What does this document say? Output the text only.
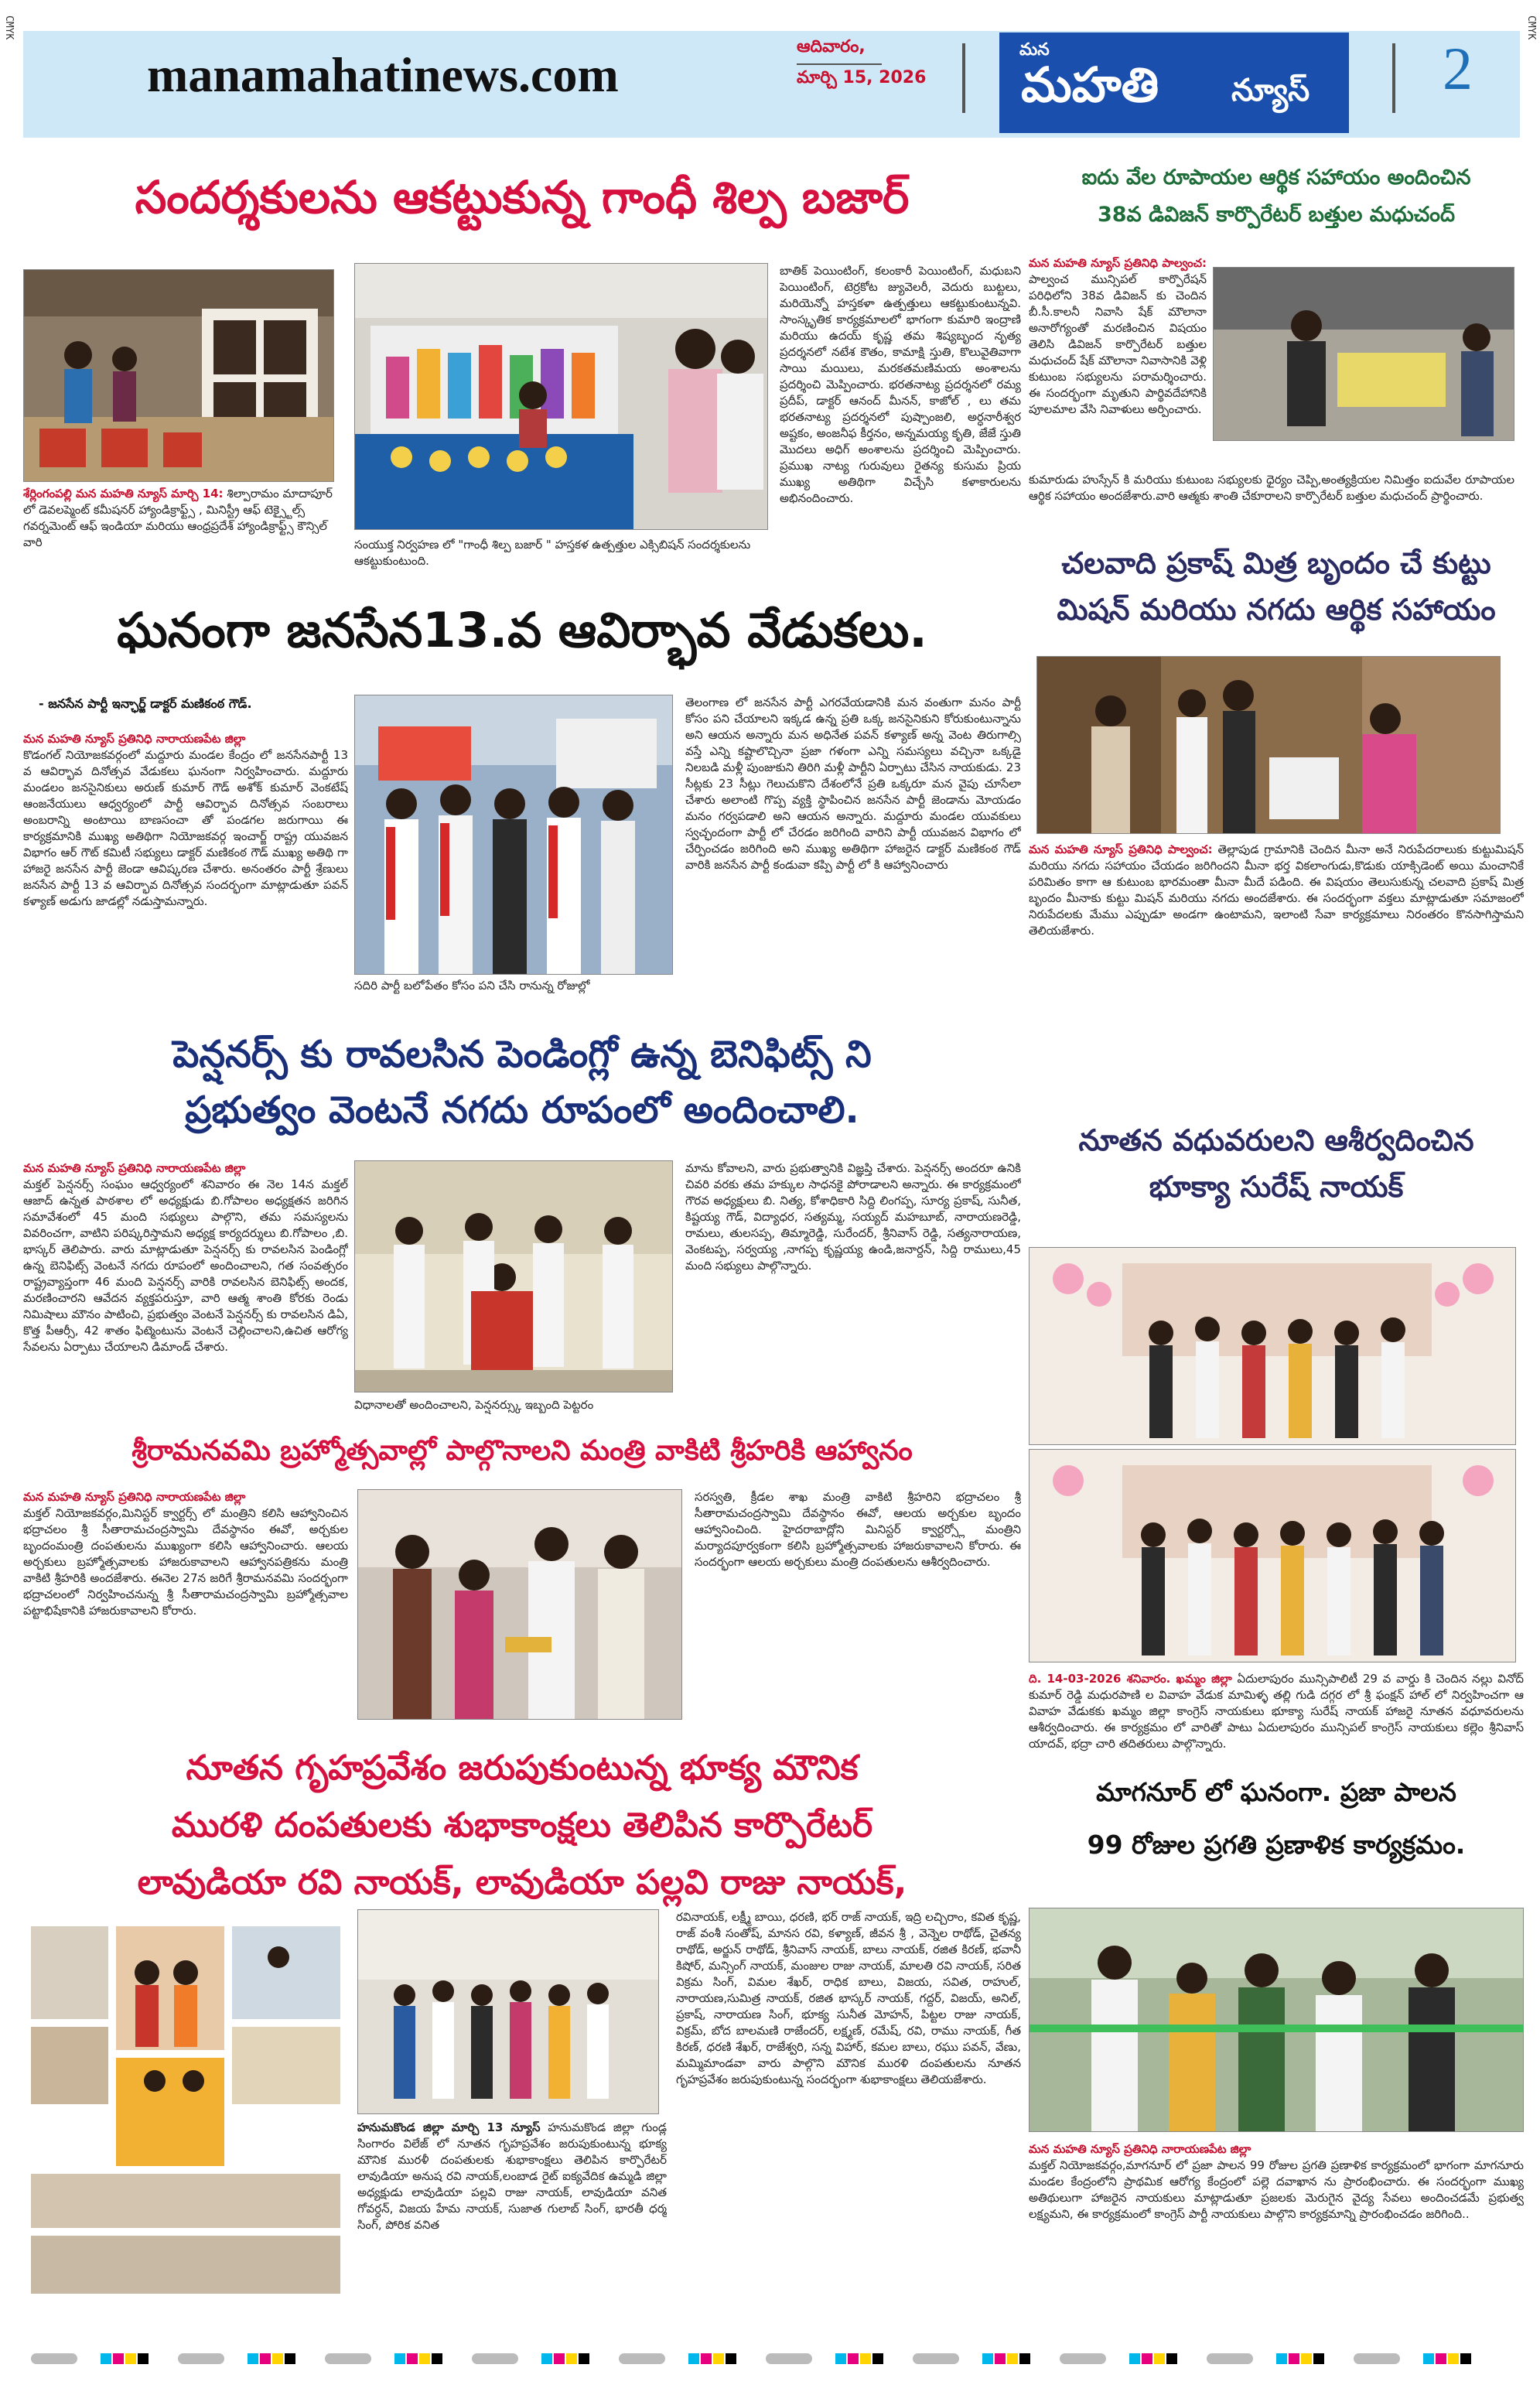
CMYK	CMYK
manamahatinews.com
ఆదివారం,
మార్చి 15, 2026
మన
మహతి న్యూస్ 2
సందర్శకులను ఆకట్టుకున్న గాంధీ శిల్ప బజార్
శేర్లింగంపల్లి మన మహతి న్యూస్ మార్చి 14: శిల్పారామం మాదాపూర్ లో డెవలప్మెంట్ కమీషనర్ హ్యాండిక్రాఫ్ట్స్ , మినిస్ట్రీ ఆఫ్ టెక్స్టైల్స్ గవర్నమెంట్ ఆఫ్ ఇండియా మరియు ఆంధ్రప్రదేశ్ హ్యాండిక్రాఫ్ట్స్ కౌన్సిల్ వారి	సంయుక్త నిర్వహణ లో "గాంధీ శిల్ప బజార్ " హస్తకళ ఉత్పత్తుల ఎక్సిబిషన్ సందర్శకులను ఆకట్టుకుంటుంది.
బాతిక్ పెయింటింగ్, కలంకారీ పెయింటింగ్, మధుబని పెయింటింగ్, టెర్రకోట జ్యువెలరీ, వెదురు బుట్టలు, మరియెన్నో హస్తకళా ఉత్పత్తులు ఆకట్టుకుంటున్నవి. సాంస్కృతిక కార్యక్రమాలలో భాగంగా కుమారి ఇంద్రాణి మరియు ఉదయ్ కృష్ణ తమ శిష్యబృంద నృత్య ప్రదర్శనలో నటేశ కౌతం, కామాక్షి స్తుతి, కొలువైతివాగా సాయి మయిలు, మరకతమణిమయ అంశాలను ప్రదర్శించి మెప్పించారు. భరతనాట్య ప్రదర్శనలో రమ్య ప్రదీప్, డాక్టర్ ఆనంద్ మీనన్, కాజోల్ , లు తమ భరతనాట్య ప్రదర్శనలో పుష్పాంజలి, అర్ధనారీశ్వర అష్టకం, అంజనీఫ కీర్తనం, అన్నమయ్య కృతి, జేజే స్తుతి మొదలు అధిగ్ అంశాలను ప్రదర్శించి మెప్పించారు. ప్రముఖ నాట్య గురువులు రైతన్య కుసుమ ప్రియ ముఖ్య అతిథిగా విచ్చేసి కళాకారులను అభినందించారు.
ఘనంగా జనసేన13.వ ఆవిర్భావ వేడుకలు.
- జనసేన పార్టీ ఇన్ఛార్జ్ డాక్టర్ మణికంఠ గౌడ్.
మన మహతి న్యూస్ ప్రతినిధి నారాయణపేట జిల్లా
కొడంగల్ నియోజకవర్గంలో మద్దూరు మండల కేంద్రం లో జనసేనపార్టీ 13 వ ఆవిర్భావ దినోత్సవ వేడుకలు ఘనంగా నిర్వహించారు. మద్దూరు మండలం జనసైనికులు అరుణ్ కుమార్ గౌడ్ అశోక్ కుమార్ వెంకటేష్ ఆంజనేయులు ఆధ్వర్యంలో పార్టీ ఆవిర్భావ దినోత్సవ సంబరాలు అంబరాన్ని అంటాయి బాణసంచా తో పండగల జరుగాయి ఈ కార్యక్రమానికి ముఖ్య అతిథిగా నియోజకవర్గ ఇంచార్జ్ రాష్ట్ర యువజన విభాగం ఆర్ గౌట్ కమిటీ సభ్యులు డాక్టర్ మణికంఠ గౌడ్ ముఖ్య అతిథి గా హాజరై జనసేన పార్టీ జెండా ఆవిష్కరణ చేశారు. అనంతరం పార్టీ శ్రేణులు జనసేన పార్టీ 13 వ ఆవిర్భావ దినోత్సవ సందర్భంగా మాట్లాడుతూ పవన్ కళ్యాణ్ అడుగు జాడల్లో నడుస్తామన్నారు.
సదిరి పార్టీ బలోపేతం కోసం పని చేసి రానున్న రోజుల్లో
తెలంగాణ లో జనసేన పార్టీ ఎగరవేయడానికి మన వంతుగా మనం పార్టీ కోసం పని చేయాలని ఇక్కడ ఉన్న ప్రతి ఒక్క జనసైనికుని కోరుకుంటున్నాను అని ఆయన అన్నారు మన అధినేత పవన్ కళ్యాణ్ అన్న వెంట తిరుగాల్సి వస్తే ఎన్ని కష్టాలొచ్చినా ప్రజా గళంగా ఎన్ని సమస్యలు వచ్చినా ఒక్కడై నిలబడి మళ్లీ పుంజుకుని తిరిగి మళ్లీ పార్టీని ఏర్పాటు చేసిన నాయకుడు. 23 సీట్లకు 23 సీట్లు గెలుచుకొని దేశంలోనే ప్రతి ఒక్కరూ మన వైపు చూసేలా చేశారు అలాంటి గొప్ప వ్యక్తి స్థాపించిన జనసేన పార్టీ జెండాను మోయడం మనం గర్వపడాలి అని ఆయన అన్నారు. మద్దూరు మండల యువకులు స్వచ్ఛందంగా పార్టీ లో చేరడం జరిగింది వారిని పార్టీ యువజన విభాగం లో చేర్పించడం జరిగింది అని ముఖ్య అతిథిగా హాజరైన డాక్టర్ మణికంఠ గౌడ్ వారికి జనసేన పార్టీ కండువా కప్పి పార్టీ లో కి ఆహ్వానించారు
పెన్షనర్స్ కు రావలసిన పెండింగ్లో ఉన్న బెనిఫిట్స్ ని
ప్రభుత్వం వెంటనే నగదు రూపంలో అందించాలి.
మన మహతి న్యూస్ ప్రతినిధి నారాయణపేట జిల్లా
మక్తల్ పెన్షనర్స్ సంఘం ఆధ్వర్యంలో శనివారం ఈ నెల 14న మక్తల్ ఆజాద్ ఉన్నత పాఠశాల లో అధ్యక్షుడు బి.గోపాలం అధ్యక్షతన జరిగిన సమావేశంలో 45 మంది సభ్యులు పాల్గొని, తమ సమస్యలను వివరించగా, వాటిని పరిష్కరిస్తామని అధ్యక్ష కార్యదర్శులు బి.గోపాలం ,బి. భాస్కర్ తెలిపారు. వారు మాట్లాడుతూ పెన్షనర్స్ కు రావలసిన పెండింగ్లో ఉన్న బెనిఫిట్స్ వెంటనే నగదు రూపంలో అందించాలని, గత సంవత్సరం రాష్ట్రవ్యాప్తంగా 46 మంది పెన్షనర్స్ వారికి రావలసిన బెనిఫిట్స్ అందక, మరణించారని ఆవేదన వ్యక్తపరుస్తూ, వారి ఆత్మ శాంతి కోరకు రెండు నిమిషాలు మౌనం పాటించి, ప్రభుత్వం వెంటనే పెన్షనర్స్ కు రావలసిన డిఏ, కొత్త పీఆర్సీ, 42 శాతం ఫిట్మెంటును వెంటనే చెల్లించాలని,ఉచిత ఆరోగ్య సేవలను ఏర్పాటు చేయాలని డిమాండ్ చేశారు.
విధానాలతో అందించాలని, పెన్షనర్స్కు ఇబ్బంది పెట్టరం
మాను కోవాలని, వారు ప్రభుత్వానికి విజ్ఞప్తి చేశారు. పెన్షనర్స్ అందరూ ఉనికి చివరి వరకు తమ హక్కుల సాధనకై పోరాడాలని అన్నారు. ఈ కార్యక్రమంలో గౌరవ అధ్యక్షులు బి. నిత్య, కోశాధికారి సిద్ది లింగప్ప, సూర్య ప్రకాష్, సునీత, కిష్టయ్య గౌడ్, విద్యాధర, సత్యమ్మ, సయ్యద్ మహబూబ్, నారాయణరెడ్డి, రామలు, తులసప్ప, తిమ్మారెడ్డి, సురేందర్, శ్రీనివాస్ రెడ్డి, సత్యనారాయణ, వెంకటప్ప, సర్వయ్య ,నాగప్ప కృష్ణయ్య ఉండి,జనార్దన్, సిద్ది రాములు,45 మంది సభ్యులు పాల్గొన్నారు.
శ్రీరామనవమి బ్రహ్మోత్సవాల్లో పాల్గొనాలని మంత్రి వాకిటి శ్రీహరికి ఆహ్వానం
మన మహతి న్యూస్ ప్రతినిధి నారాయణపేట జిల్లా
మక్తల్ నియోజకవర్గం,మినిస్టర్ క్వార్టర్స్ లో మంత్రిని కలిసి ఆహ్వానించిన భద్రాచలం శ్రీ సీతారామచంద్రస్వామి దేవస్థానం ఈవో, అర్చకుల బృందంమంత్రి దంపతులను ముఖ్యంగా కలిసి ఆహ్వానించారు. ఆలయ అర్చకులు బ్రహ్మోత్సవాలకు హాజరుకావాలని ఆహ్వానపత్రికను మంత్రి వాకిటి శ్రీహరికి అందజేశారు. ఈనెల 27న జరిగే శ్రీరామనవమి సందర్భంగా భద్రాచలంలో నిర్వహించనున్న శ్రీ సీతారామచంద్రస్వామి బ్రహ్మోత్సవాల పట్టాభిషేకానికి హాజరుకావాలని కోరారు.
సరస్వతి, క్రీడల శాఖ మంత్రి వాకిటి శ్రీహరిని భద్రాచలం శ్రీ సీతారామచంద్రస్వామి దేవస్థానం ఈవో, ఆలయ అర్చకుల బృందం ఆహ్వానించింది. హైదరాబాద్లోని మినిస్టర్ క్వార్టర్స్లో మంత్రిని మర్యాదపూర్వకంగా కలిసి బ్రహ్మోత్సవాలకు హాజరుకావాలని కోరారు. ఈ సందర్భంగా ఆలయ అర్చకులు మంత్రి దంపతులను ఆశీర్వదించారు.
నూతన గృహప్రవేశం జరుపుకుంటున్న భూక్య మౌనిక
మురళి దంపతులకు శుభాకాంక్షలు తెలిపిన కార్పొరేటర్
లావుడియా రవి నాయక్, లావుడియా పల్లవి రాజు నాయక్,
హనుమకొండ జిల్లా మార్చి 13 న్యూస్ హనుమకొండ జిల్లా గుండ్ల సింగారం విలేజ్ లో నూతన గృహప్రవేశం జరుపుకుంటున్న భూక్య మౌనిక మురళీ దంపతులకు శుభాకాంక్షలు తెలిపిన కార్పొరేటర్ లావుడియా అనుష రవి నాయక్,లంబాడ రైట్ ఐక్యవేదిక ఉమ్మడి జిల్లా అధ్యక్షుడు లావుడియా పల్లవి రాజు నాయక్, లావుడియా వనిత గోవర్ధన్, విజయ హేమ నాయక్, సుజాత గులాబ్ సింగ్, భారతీ ధర్మ సింగ్, పోరిక వనిత
రవినాయక్, లక్ష్మీ బాయి, ధరణి, భర్ రాజ్ నాయక్, ఇద్రి లచ్చిరాం, కవిత కృష్ణ, రాజ్ వంశీ సంతోష్, మానస రవి, కళ్యాణ్, జీవన శ్రీ , వెన్నెల రాథోడ్, చైతన్య రాథోడ్, అర్జున్ రాథోడ్, శ్రీనివాస్ నాయక్, బాలు నాయక్, రజిత కిరణ్, భవానీ కిషోర్, మన్సింగ్ నాయక్, మంజుల రాజు నాయక్, మాలతి రవి నాయక్, సరిత విక్రమ సింగ్, విమల శేఖర్, రాధిక బాలు, విజయ, సవిత, రాహుల్, నారాయణ,సుమిత్ర నాయక్, రజిత భాస్కర్ నాయక్, గద్దర్, విజయ్, అనిల్, ప్రకాష్, నారాయణ సింగ్, భూక్య సునీత మోహన్, పిట్టల రాజు నాయక్, విక్రమ్, బోద బాలమణి రాజేందర్, లక్ష్మణ్, రమేష్, రవి, రాము నాయక్, గీత కిరణ్, ధరణి శేఖర్, రాజేశ్వరి, సన్న విహార్, కమల బాలు, రఘు పవన్, వేణు, మమ్మిమాండవా వారు పాల్గొని మౌనిక మురళి దంపతులను నూతన గృహప్రవేశం జరుపుకుంటున్న సందర్భంగా శుభాకాంక్షలు తెలియజేశారు.
ఐదు వేల రూపాయల ఆర్థిక సహాయం అందించిన
38వ డివిజన్ కార్పొరేటర్ బత్తుల మధుచంద్
మన మహతి న్యూస్ ప్రతినిధి పాల్వంచ: పాల్వంచ మున్సిపల్ కార్పొరేషన్ పరిధిలోని 38వ డివిజన్ కు చెందిన బీ.సీ.కాలనీ నివాసి షేక్ మౌలానా అనారోగ్యంతో మరణించిన విషయం తెలిసి డివిజన్ కార్పొరేటర్ బత్తుల మధుచంద్ షేక్ మౌలానా నివాసానికి వెళ్లి కుటుంబ సభ్యులను పరామర్శించారు. ఈ సందర్భంగా మృతుని పార్థివదేహానికి పూలమాల వేసి నివాళులు అర్పించారు.
కుమారుడు హుస్సేన్ కి మరియు కుటుంబ సభ్యులకు ధైర్యం చెప్పి,అంత్యక్రియల నిమిత్తం ఐదువేల రూపాయల ఆర్థిక సహాయం అందజేశారు.వారి ఆత్మకు శాంతి చేకూరాలని కార్పొరేటర్ బత్తుల మధుచంద్ ప్రార్థించారు.
చలవాది ప్రకాష్ మిత్ర బృందం చే కుట్టు
మిషన్ మరియు నగదు ఆర్థిక సహాయం
మన మహతి న్యూస్ ప్రతినిధి పాల్వంచ: తెల్లాపుడ గ్రామానికి చెందిన మీనా అనే నిరుపేదరాలుకు కుట్టుమిషన్ మరియు నగదు సహాయం చేయడం జరిగిందని మీనా భర్త వికలాంగుడు,కొడుకు యాక్సిడెంట్ అయి మంచానికే పరిమితం కాగా ఆ కుటుంబ భారమంతా మీనా మీదే పడింది. ఈ విషయం తెలుసుకున్న చలవాది ప్రకాష్ మిత్ర బృందం మీనాకు కుట్టు మిషన్ మరియు నగదు అందజేశారు. ఈ సందర్భంగా వక్తలు మాట్లాడుతూ సమాజంలో నిరుపేదలకు మేము ఎప్పుడూ అండగా ఉంటామని, ఇలాంటి సేవా కార్యక్రమాలు నిరంతరం కొనసాగిస్తామని తెలియజేశారు.
నూతన వధువరులని ఆశీర్వదించిన
భూక్యా సురేష్ నాయక్
ది. 14-03-2026 శనివారం. ఖమ్మం జిల్లా ఏదులాపురం మున్సిపాలిటీ 29 వ వార్డు కి చెందిన నల్లు వినోద్ కుమార్ రెడ్డి మధురపాణి ల వివాహ వేడుక మామిళ్ళ తల్లి గుడి దగ్గర లో శ్రీ ఫంక్షన్ హాల్ లో నిర్వహించగా ఆ వివాహ వేడుకకు ఖమ్మం జిల్లా కాంగ్రెస్ నాయకులు భూక్యా సురేష్ నాయక్ హాజరై నూతన వధూవరులను ఆశీర్వదించారు. ఈ కార్యక్రమం లో వారితో పాటు ఏదులాపురం మున్సిపల్ కాంగ్రెస్ నాయకులు కల్లెం శ్రీనివాస్ యాదవ్, భద్రా చారి తదితరులు పాల్గొన్నారు.
మాగనూర్ లో ఘనంగా. ప్రజా పాలన
99 రోజుల ప్రగతి ప్రణాళిక కార్యక్రమం.
మన మహతి న్యూస్ ప్రతినిధి నారాయణపేట జిల్లా
మక్తల్ నియోజకవర్గం,మాగనూర్ లో ప్రజా పాలన 99 రోజుల ప్రగతి ప్రణాళిక కార్యక్రమంలో భాగంగా మాగనూరు మండల కేంద్రంలోని ప్రాథమిక ఆరోగ్య కేంద్రంలో పల్లె దవాఖాన ను ప్రారంభించారు. ఈ సందర్భంగా ముఖ్య అతిథులుగా హాజరైన నాయకులు మాట్లాడుతూ ప్రజలకు మెరుగైన వైద్య సేవలు అందించడమే ప్రభుత్వ లక్ష్యమని, ఈ కార్యక్రమంలో కాంగ్రెస్ పార్టీ నాయకులు పాల్గొని కార్యక్రమాన్ని ప్రారంభించడం జరిగింది..
